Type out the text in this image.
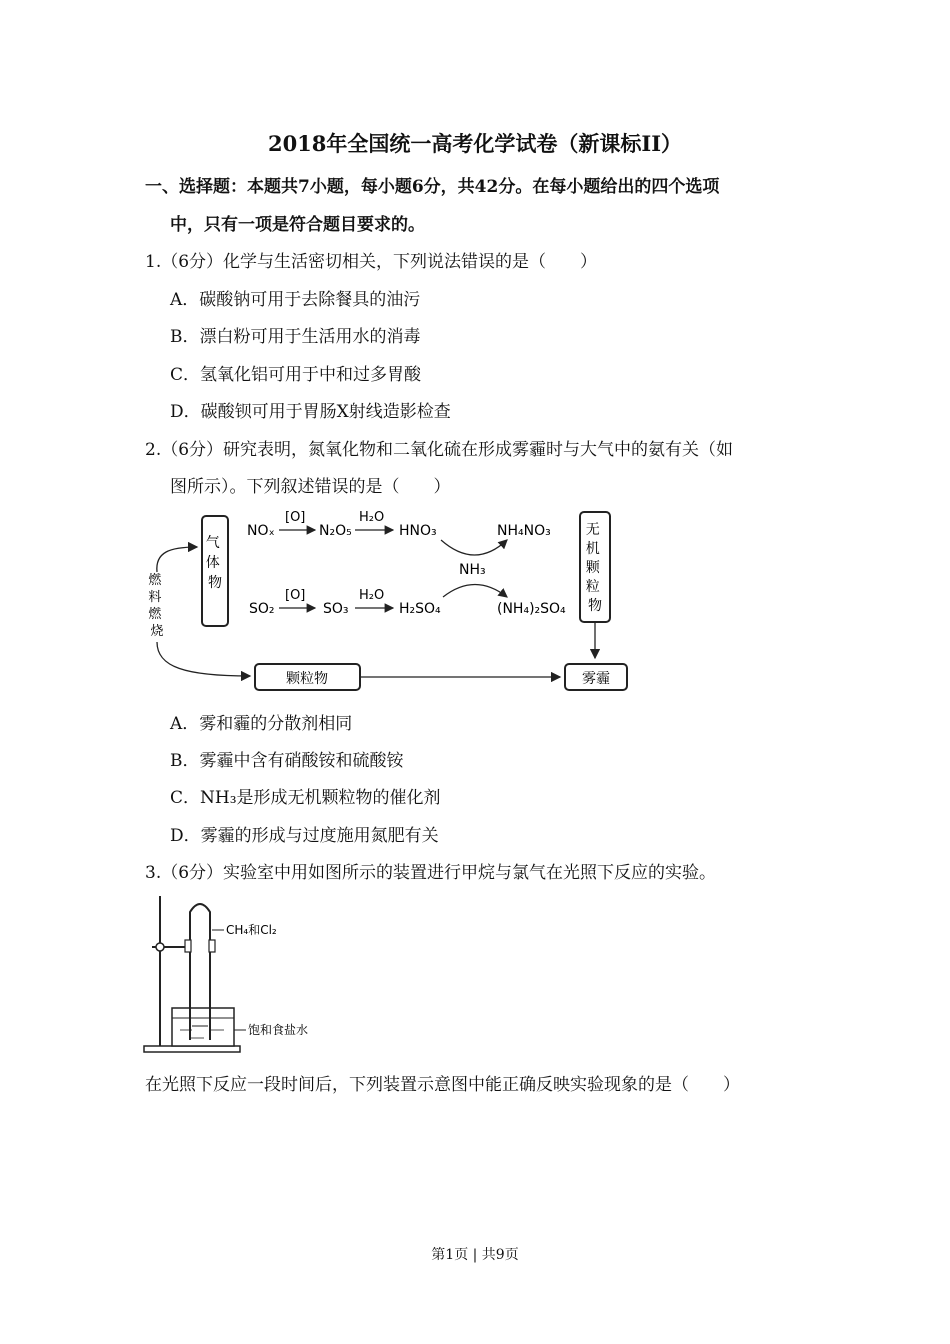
2018年全国统一高考化学试卷（新课标II）
一、选择题：本题共7小题，每小题6分，共42分。在每小题给出的四个选项
中，只有一项是符合题目要求的。
1.（6分）化学与生活密切相关，下列说法错误的是（　　）
A．碳酸钠可用于去除餐具的油污
B．漂白粉可用于生活用水的消毒
C．氢氧化铝可用于中和过多胃酸
D．碳酸钡可用于胃肠X射线造影检查
2.（6分）研究表明，氮氧化物和二氧化硫在形成雾霾时与大气中的氨有关（如
图所示）。下列叙述错误的是（　　）
气 体 物
无 机 颗 粒 物
燃 料 燃 烧
颗粒物	雾霾
NOₓ
[O]
N₂O₅
H₂O
HNO₃	NH₄NO₃
NH₃
SO₂
[O]
SO₃
H₂O
H₂SO₄	(NH₄)₂SO₄
A．雾和霾的分散剂相同
B．雾霾中含有硝酸铵和硫酸铵
C．NH₃是形成无机颗粒物的催化剂
D．雾霾的形成与过度施用氮肥有关
3.（6分）实验室中用如图所示的装置进行甲烷与氯气在光照下反应的实验。
CH₄和Cl₂
饱和食盐水
在光照下反应一段时间后，下列装置示意图中能正确反映实验现象的是（　　）
第1页 | 共9页
